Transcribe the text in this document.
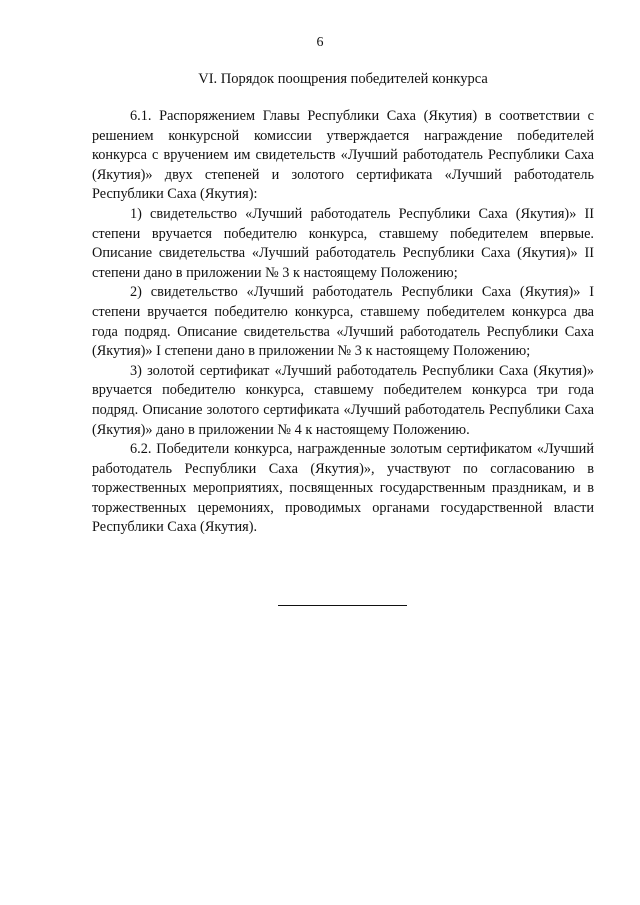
6
VI. Порядок поощрения победителей конкурса

6.1. Распоряжением Главы Республики Саха (Якутия) в соответствии с решением конкурсной комиссии утверждается награждение победителей конкурса с вручением им свидетельств «Лучший работодатель Республики Саха (Якутия)» двух степеней и золотого сертификата «Лучший работодатель Республики Саха (Якутия):

1) свидетельство «Лучший работодатель Республики Саха (Якутия)» II степени вручается победителю конкурса, ставшему победителем впервые. Описание свидетельства «Лучший работодатель Республики Саха (Якутия)» II степени дано в приложении № 3 к настоящему Положению;

2) свидетельство «Лучший работодатель Республики Саха (Якутия)» I степени вручается победителю конкурса, ставшему победителем конкурса два года подряд. Описание свидетельства «Лучший работодатель Республики Саха (Якутия)» I степени дано в приложении № 3 к настоящему Положению;

3) золотой сертификат «Лучший работодатель Республики Саха (Якутия)» вручается победителю конкурса, ставшему победителем конкурса три года подряд. Описание золотого сертификата «Лучший работодатель Республики Саха (Якутия)» дано в приложении № 4 к настоящему Положению.

6.2. Победители конкурса, награжденные золотым сертификатом «Лучший работодатель Республики Саха (Якутия)», участвуют по согласованию в торжественных мероприятиях, посвященных государственным праздникам, и в торжественных церемониях, проводимых органами государственной власти Республики Саха (Якутия).
